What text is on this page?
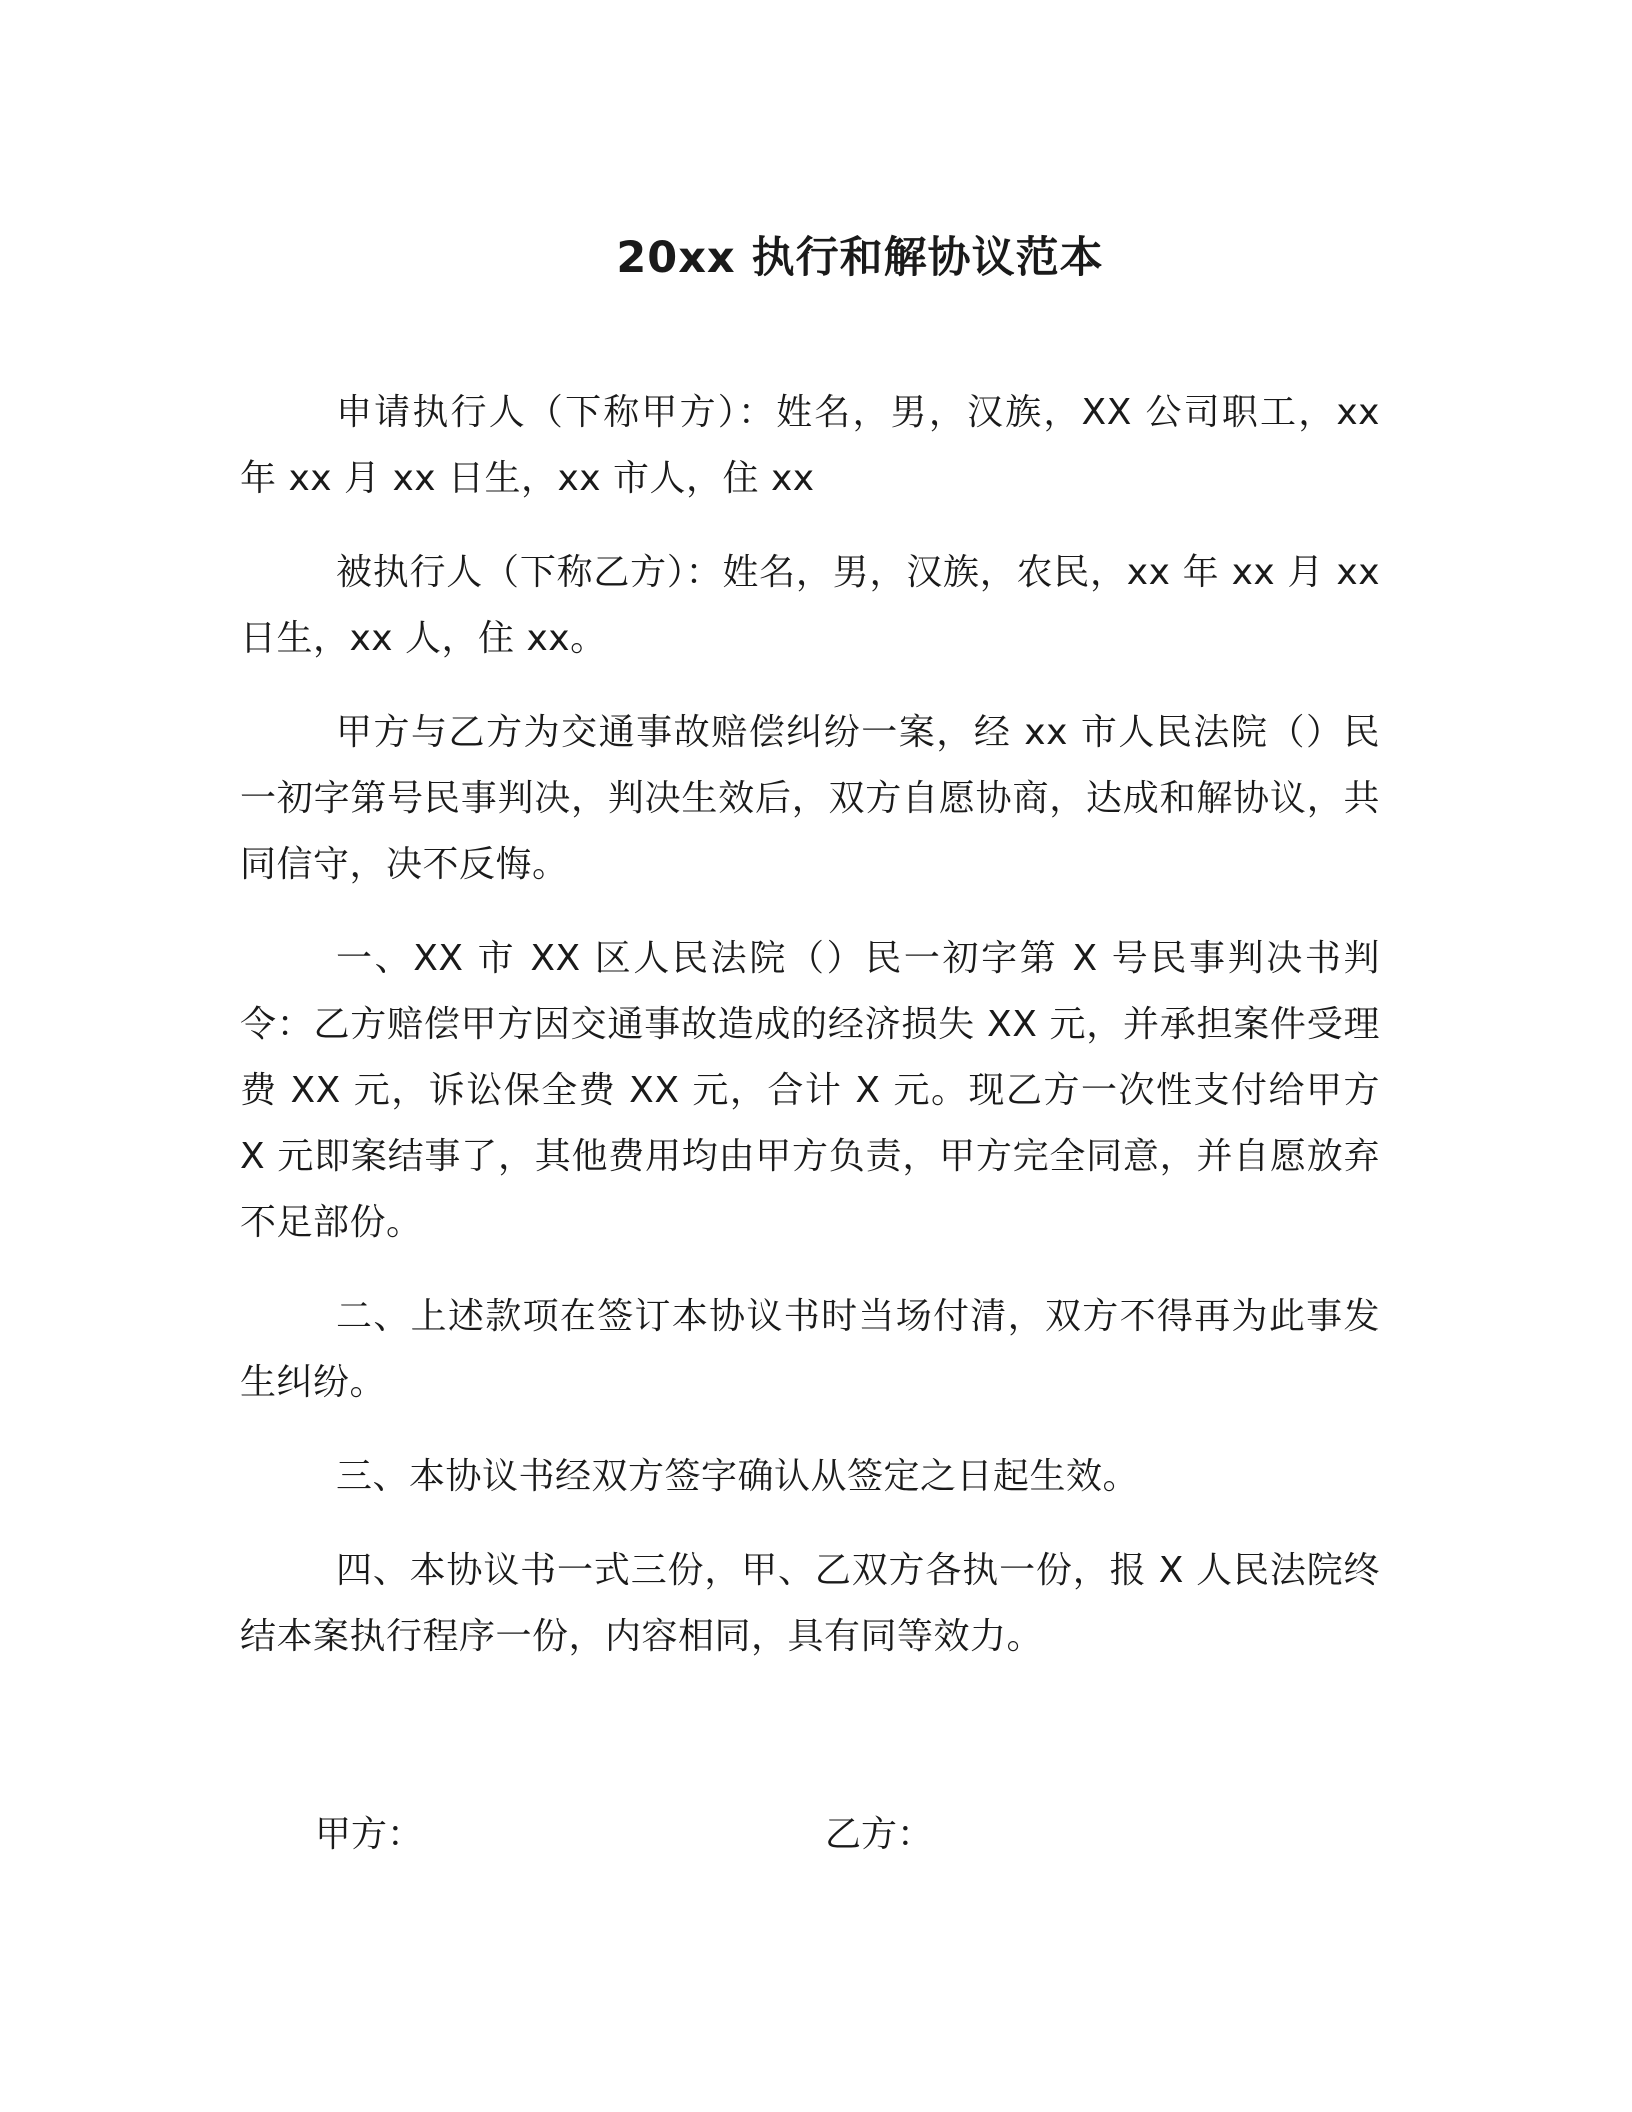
20xx 执行和解协议范本

申请执行人（下称甲方）：姓名，男，汉族，XX 公司职工，xx 年 xx 月 xx 日生，xx 市人，住 xx

被执行人（下称乙方）：姓名，男，汉族，农民，xx 年 xx 月 xx 日生，xx 人，住 xx。

甲方与乙方为交通事故赔偿纠纷一案，经 xx 市人民法院（）民一初字第号民事判决，判决生效后，双方自愿协商，达成和解协议，共同信守，决不反悔。

一、XX 市 XX 区人民法院（）民一初字第 X 号民事判决书判令：乙方赔偿甲方因交通事故造成的经济损失 XX 元，并承担案件受理费 XX 元，诉讼保全费 XX 元，合计 X 元。现乙方一次性支付给甲方 X 元即案结事了，其他费用均由甲方负责，甲方完全同意，并自愿放弃不足部份。

二、上述款项在签订本协议书时当场付清，双方不得再为此事发生纠纷。

三、本协议书经双方签字确认从签定之日起生效。

四、本协议书一式三份，甲、乙双方各执一份，报 X 人民法院终结本案执行程序一份，内容相同，具有同等效力。

甲方：	乙方：
